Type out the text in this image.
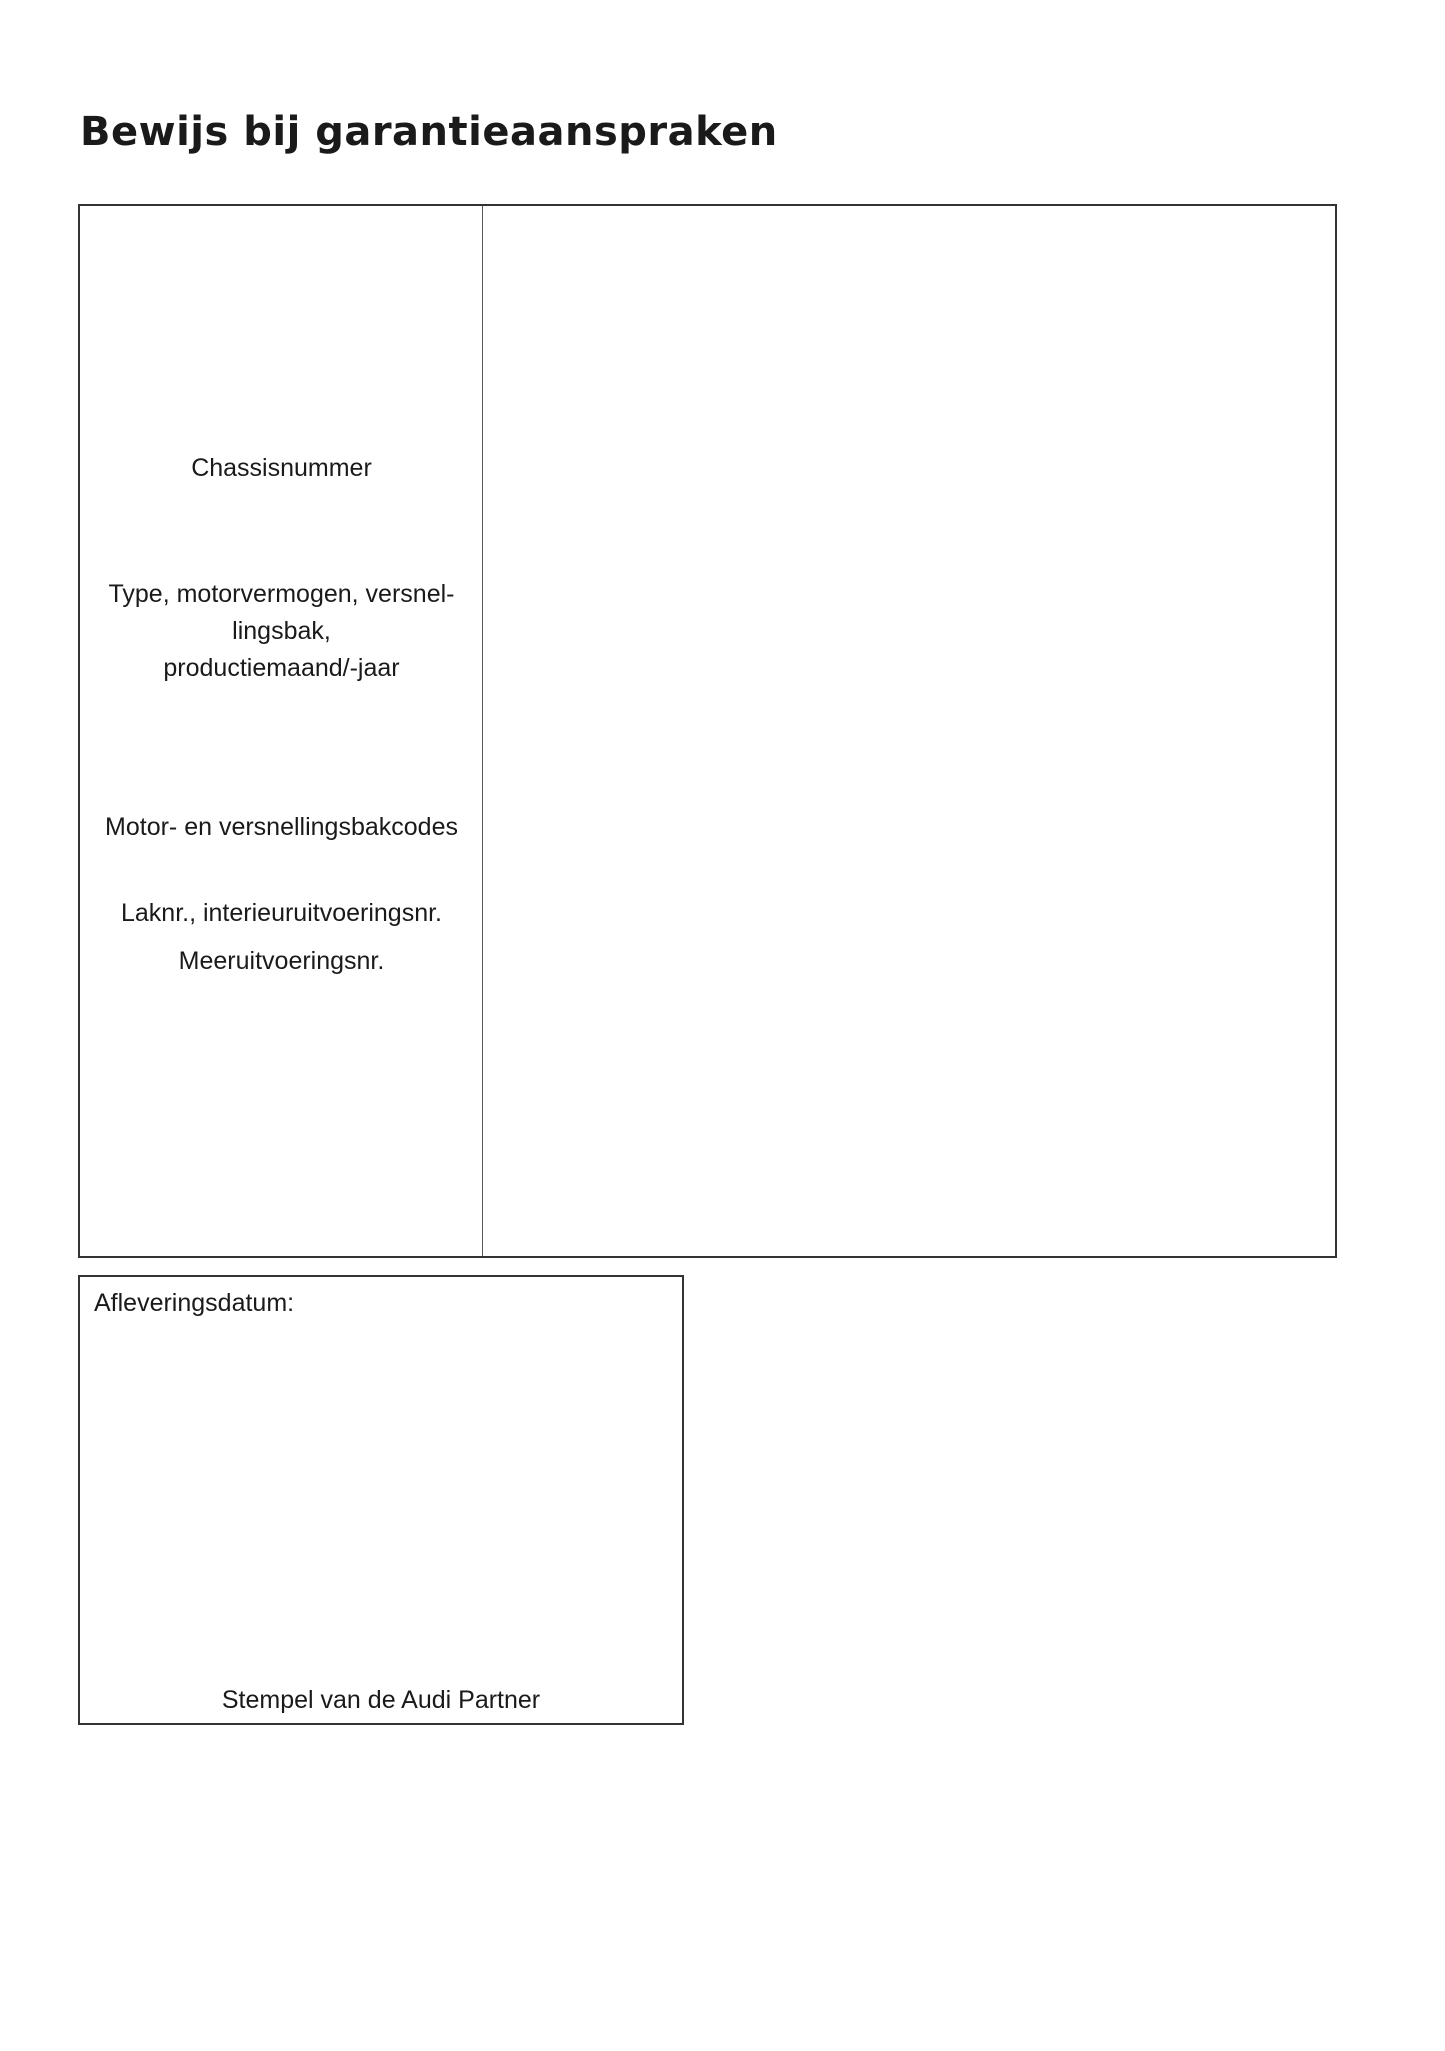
Bewijs bij garantieaanspraken
Chassisnummer
Type, motorvermogen, versnel-
lingsbak,
productiemaand/-jaar
Motor- en versnellingsbakcodes
Laknr., interieuruitvoeringsnr.
Meeruitvoeringsnr.
Afleveringsdatum:
Stempel van de Audi Partner
